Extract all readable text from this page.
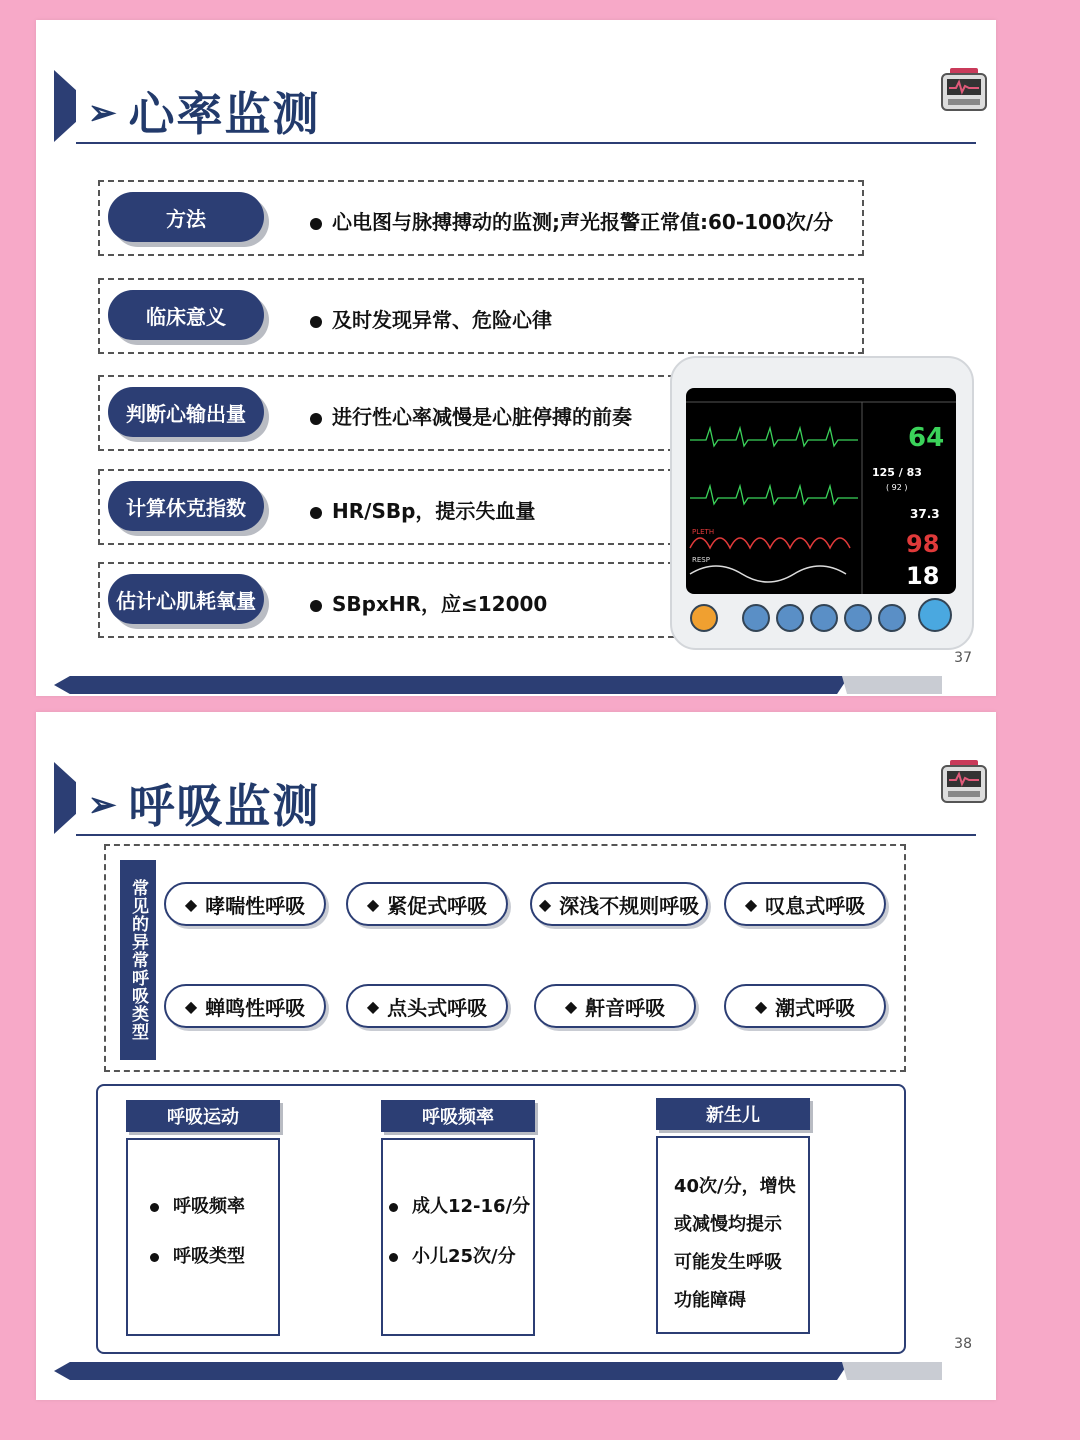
➢ 心率监测
方法	心电图与脉搏搏动的监测;声光报警正常值:60-100次/分
临床意义	及时发现异常、危险心律
判断心输出量	进行性心率减慢是心脏停搏的前奏
计算休克指数	HR/SBp，提示失血量
估计心肌耗氧量	SBpxHR，应≤12000
PLETH
RESP
64
125 / 83
( 92 )
37.3
98
18
37
➢ 呼吸监测
常见的异常呼吸类型	◆ 哮喘性呼吸	◆ 紧促式呼吸	◆ 深浅不规则呼吸	◆ 叹息式呼吸
◆ 蝉鸣性呼吸	◆ 点头式呼吸	◆ 鼾音呼吸	◆ 潮式呼吸
呼吸运动
呼吸频率
呼吸类型
呼吸频率
成人12-16/分
小儿25次/分
新生儿
40次/分，增快
或减慢均提示
可能发生呼吸
功能障碍
38
